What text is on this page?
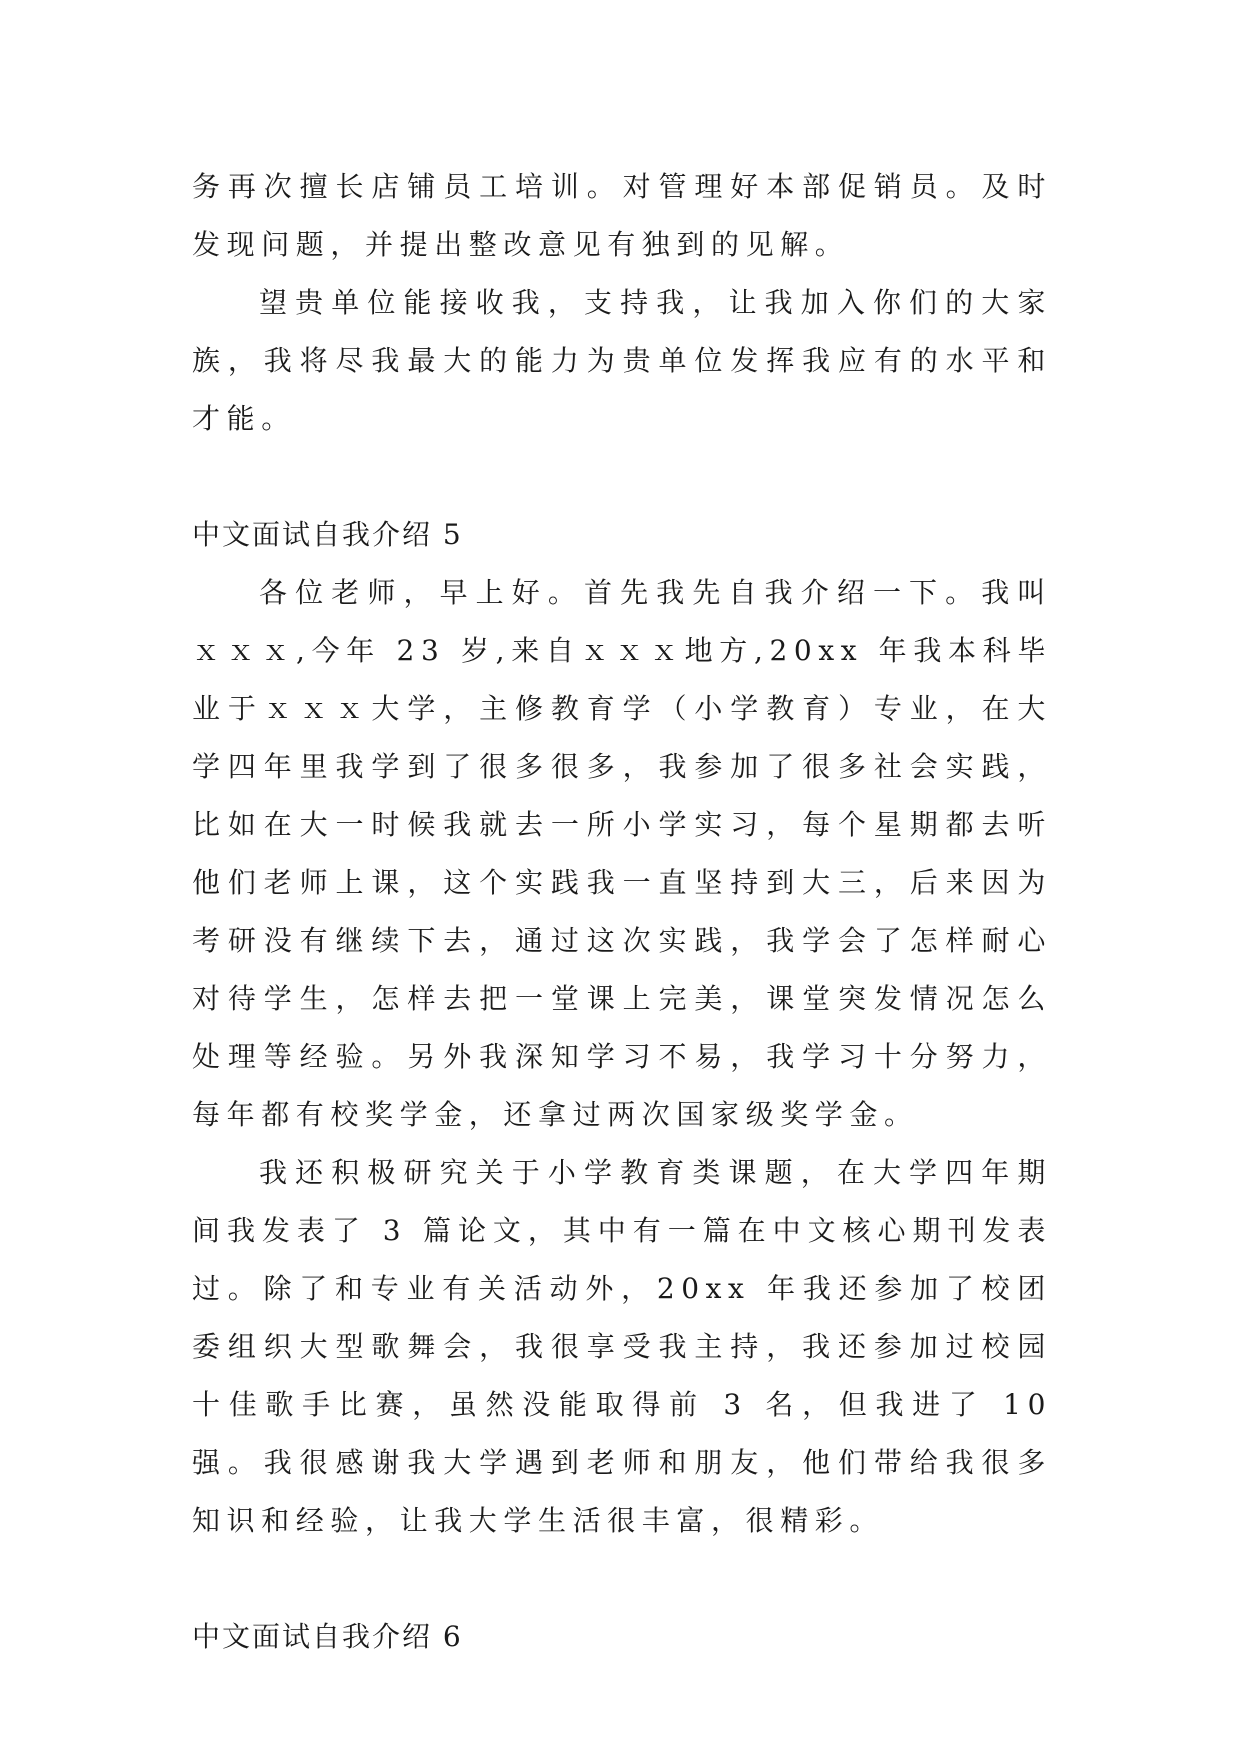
务再次擅长店铺员工培训。对管理好本部促销员。及时发现问题，并提出整改意见有独到的见解。

望贵单位能接收我，支持我，让我加入你们的大家族，我将尽我最大的能力为贵单位发挥我应有的水平和才能。

中文面试自我介绍 5

各位老师，早上好。首先我先自我介绍一下。我叫ｘｘｘ,今年 23 岁,来自ｘｘｘ地方,20xx 年我本科毕业于ｘｘｘ大学，主修教育学（小学教育）专业，在大学四年里我学到了很多很多，我参加了很多社会实践，比如在大一时候我就去一所小学实习，每个星期都去听他们老师上课，这个实践我一直坚持到大三，后来因为考研没有继续下去，通过这次实践，我学会了怎样耐心对待学生，怎样去把一堂课上完美，课堂突发情况怎么处理等经验。另外我深知学习不易，我学习十分努力，每年都有校奖学金，还拿过两次国家级奖学金。

我还积极研究关于小学教育类课题，在大学四年期间我发表了 3 篇论文，其中有一篇在中文核心期刊发表过。除了和专业有关活动外，20xx 年我还参加了校团委组织大型歌舞会，我很享受我主持，我还参加过校园十佳歌手比赛，虽然没能取得前 3 名，但我进了 10 强。我很感谢我大学遇到老师和朋友，他们带给我很多知识和经验，让我大学生活很丰富，很精彩。

中文面试自我介绍 6
